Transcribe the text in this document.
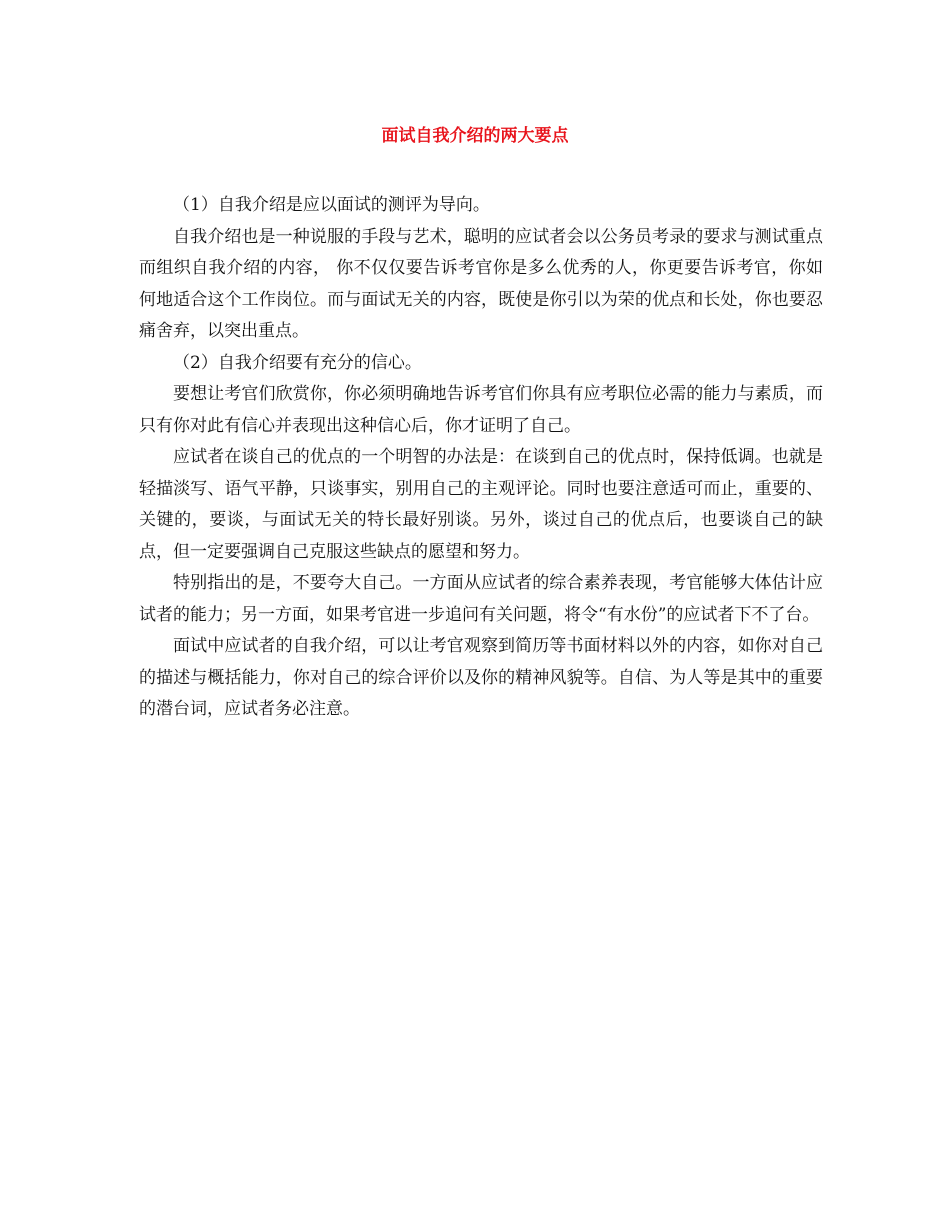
面试自我介绍的两大要点

（1）自我介绍是应以面试的测评为导向。

自我介绍也是一种说服的手段与艺术，聪明的应试者会以公务员考录的要求与测试重点而组织自我介绍的内容， 你不仅仅要告诉考官你是多么优秀的人，你更要告诉考官，你如何地适合这个工作岗位。而与面试无关的内容，既使是你引以为荣的优点和长处，你也要忍痛舍弃，以突出重点。

（2）自我介绍要有充分的信心。

要想让考官们欣赏你，你必须明确地告诉考官们你具有应考职位必需的能力与素质，而只有你对此有信心并表现出这种信心后，你才证明了自己。

应试者在谈自己的优点的一个明智的办法是：在谈到自己的优点时，保持低调。也就是轻描淡写、语气平静，只谈事实，别用自己的主观评论。同时也要注意适可而止，重要的、关键的，要谈，与面试无关的特长最好别谈。另外，谈过自己的优点后，也要谈自己的缺点，但一定要强调自己克服这些缺点的愿望和努力。

特别指出的是，不要夸大自己。一方面从应试者的综合素养表现，考官能够大体估计应试者的能力；另一方面，如果考官进一步追问有关问题，将令“有水份”的应试者下不了台。

面试中应试者的自我介绍，可以让考官观察到简历等书面材料以外的内容，如你对自己的描述与概括能力，你对自己的综合评价以及你的精神风貌等。自信、为人等是其中的重要的潜台词，应试者务必注意。
